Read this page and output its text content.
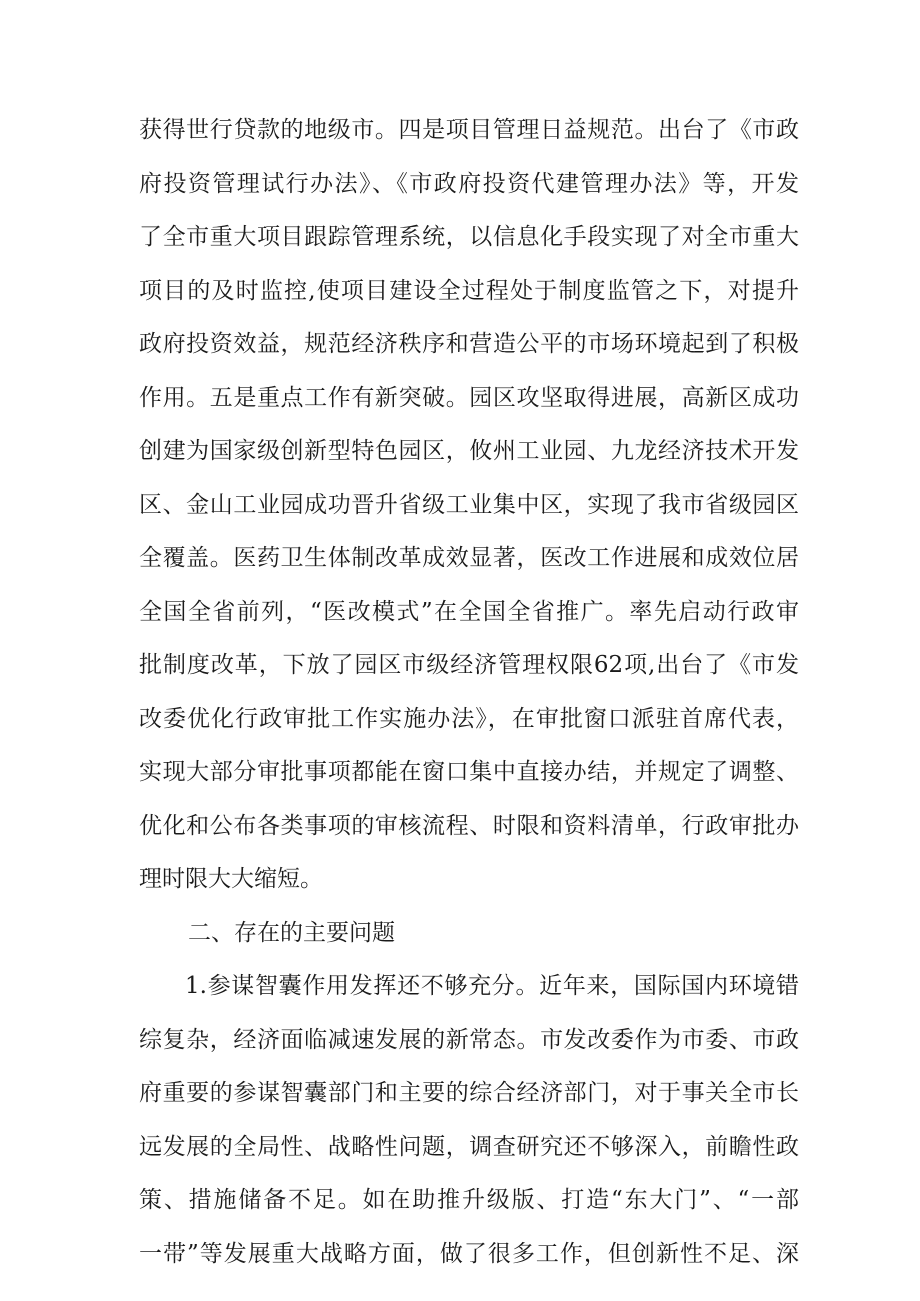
获得世行贷款的地级市。四是项目管理日益规范。出台了《市政
府投资管理试行办法》、《市政府投资代建管理办法》等，开发
了全市重大项目跟踪管理系统，以信息化手段实现了对全市重大
项目的及时监控,使项目建设全过程处于制度监管之下，对提升
政府投资效益，规范经济秩序和营造公平的市场环境起到了积极
作用。五是重点工作有新突破。园区攻坚取得进展，高新区成功
创建为国家级创新型特色园区，攸州工业园、九龙经济技术开发
区、金山工业园成功晋升省级工业集中区，实现了我市省级园区
全覆盖。医药卫生体制改革成效显著，医改工作进展和成效位居
全国全省前列，“医改模式”在全国全省推广。率先启动行政审
批制度改革，下放了园区市级经济管理权限62项,出台了《市发
改委优化行政审批工作实施办法》，在审批窗口派驻首席代表，
实现大部分审批事项都能在窗口集中直接办结，并规定了调整、
优化和公布各类事项的审核流程、时限和资料清单，行政审批办
理时限大大缩短。
二、存在的主要问题
1.参谋智囊作用发挥还不够充分。近年来，国际国内环境错
综复杂，经济面临减速发展的新常态。市发改委作为市委、市政
府重要的参谋智囊部门和主要的综合经济部门，对于事关全市长
远发展的全局性、战略性问题，调查研究还不够深入，前瞻性政
策、措施储备不足。如在助推升级版、打造“东大门”、“一部
一带”等发展重大战略方面，做了很多工作，但创新性不足、深
